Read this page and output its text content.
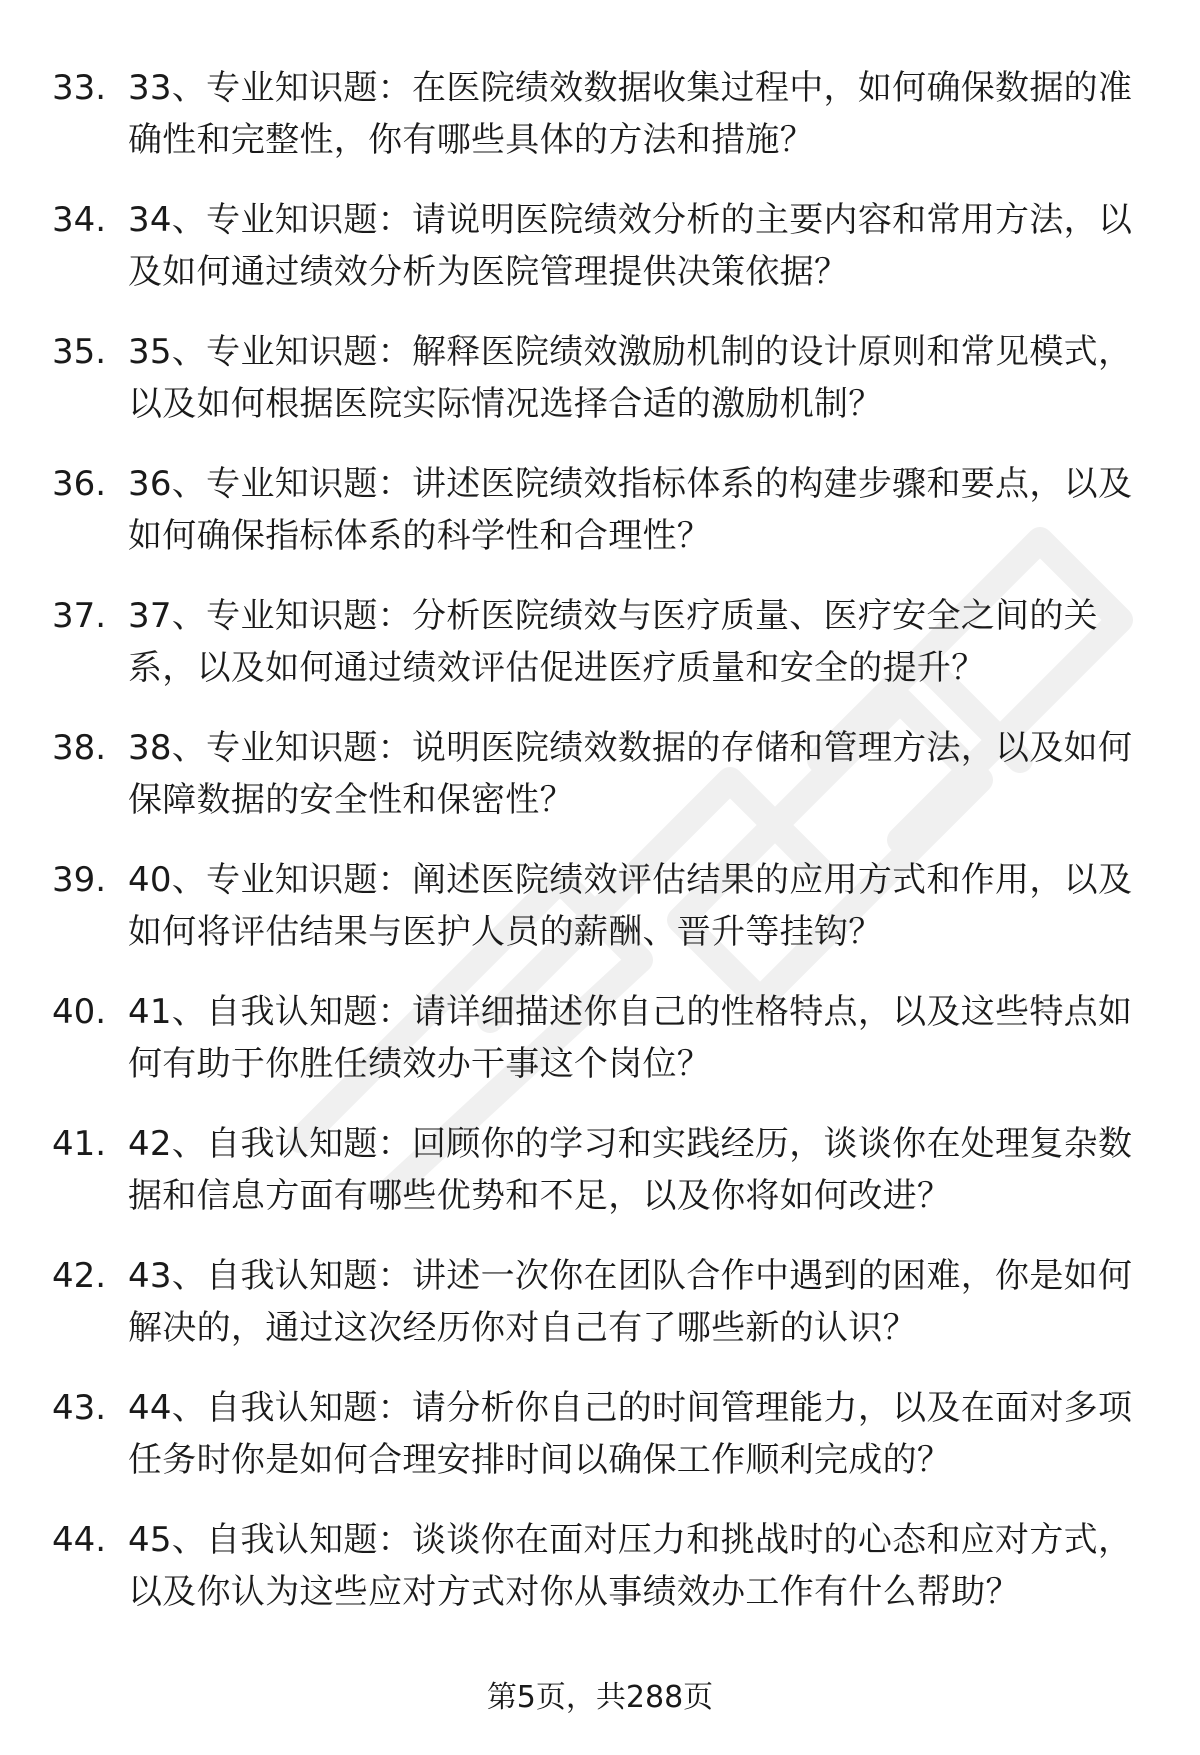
33. 33、专业知识题：在医院绩效数据收集过程中，如何确保数据的准确性和完整性，你有哪些具体的方法和措施？
34. 34、专业知识题：请说明医院绩效分析的主要内容和常用方法，以及如何通过绩效分析为医院管理提供决策依据？
35. 35、专业知识题：解释医院绩效激励机制的设计原则和常见模式，以及如何根据医院实际情况选择合适的激励机制？
36. 36、专业知识题：讲述医院绩效指标体系的构建步骤和要点，以及如何确保指标体系的科学性和合理性？
37. 37、专业知识题：分析医院绩效与医疗质量、医疗安全之间的关系，以及如何通过绩效评估促进医疗质量和安全的提升？
38. 38、专业知识题：说明医院绩效数据的存储和管理方法，以及如何保障数据的安全性和保密性？
39. 40、专业知识题：阐述医院绩效评估结果的应用方式和作用，以及如何将评估结果与医护人员的薪酬、晋升等挂钩？
40. 41、自我认知题：请详细描述你自己的性格特点，以及这些特点如何有助于你胜任绩效办干事这个岗位？
41. 42、自我认知题：回顾你的学习和实践经历，谈谈你在处理复杂数据和信息方面有哪些优势和不足，以及你将如何改进？
42. 43、自我认知题：讲述一次你在团队合作中遇到的困难，你是如何解决的，通过这次经历你对自己有了哪些新的认识？
43. 44、自我认知题：请分析你自己的时间管理能力，以及在面对多项任务时你是如何合理安排时间以确保工作顺利完成的？
44. 45、自我认知题：谈谈你在面对压力和挑战时的心态和应对方式，以及你认为这些应对方式对你从事绩效办工作有什么帮助？
第5页，共288页
